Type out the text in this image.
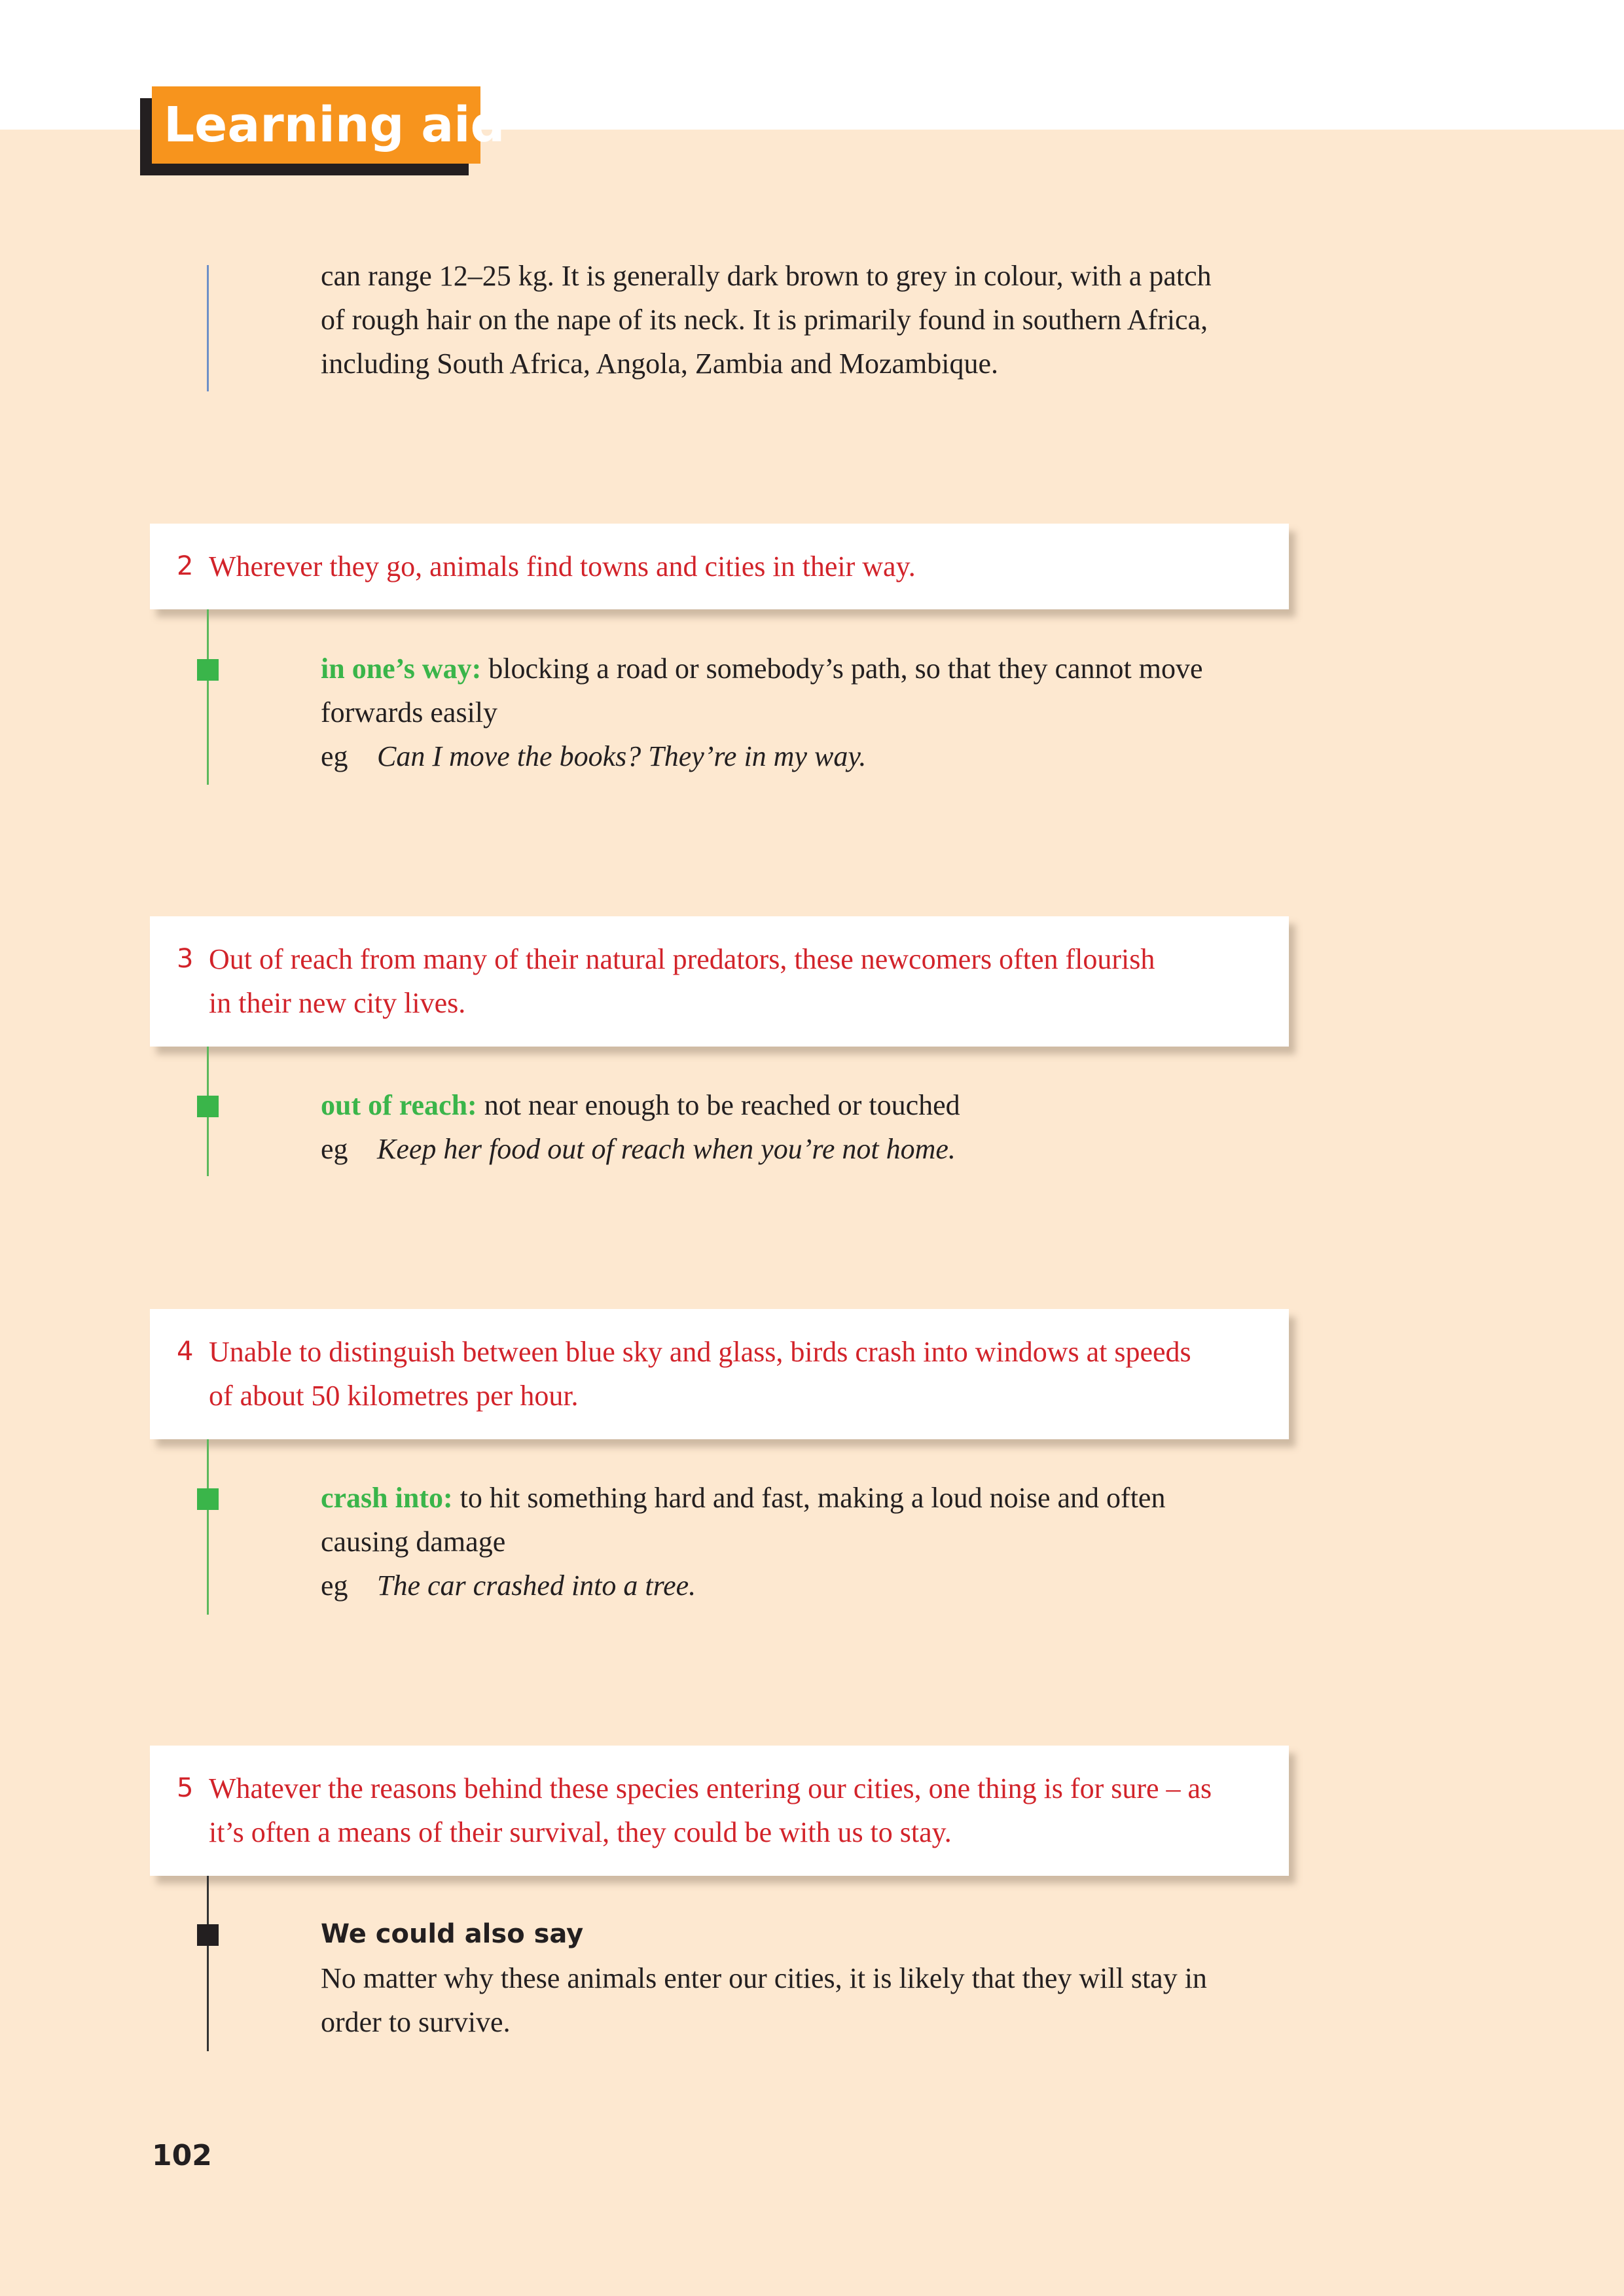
Learning aid
can range 12–25 kg. It is generally dark brown to grey in colour, with a patch
of rough hair on the nape of its neck. It is primarily found in southern Africa,
including South Africa, Angola, Zambia and Mozambique.
2 Wherever they go, animals find towns and cities in their way.
in one’s way: blocking a road or somebody’s path, so that they cannot move
forwards easily
eg Can I move the books? They’re in my way.
3 Out of reach from many of their natural predators, these newcomers often flourish
in their new city lives.
out of reach: not near enough to be reached or touched
eg Keep her food out of reach when you’re not home.
4 Unable to distinguish between blue sky and glass, birds crash into windows at speeds
of about 50 kilometres per hour.
crash into: to hit something hard and fast, making a loud noise and often
causing damage
eg The car crashed into a tree.
5 Whatever the reasons behind these species entering our cities, one thing is for sure – as
it’s often a means of their survival, they could be with us to stay.
We could also say
No matter why these animals enter our cities, it is likely that they will stay in
order to survive.
102
